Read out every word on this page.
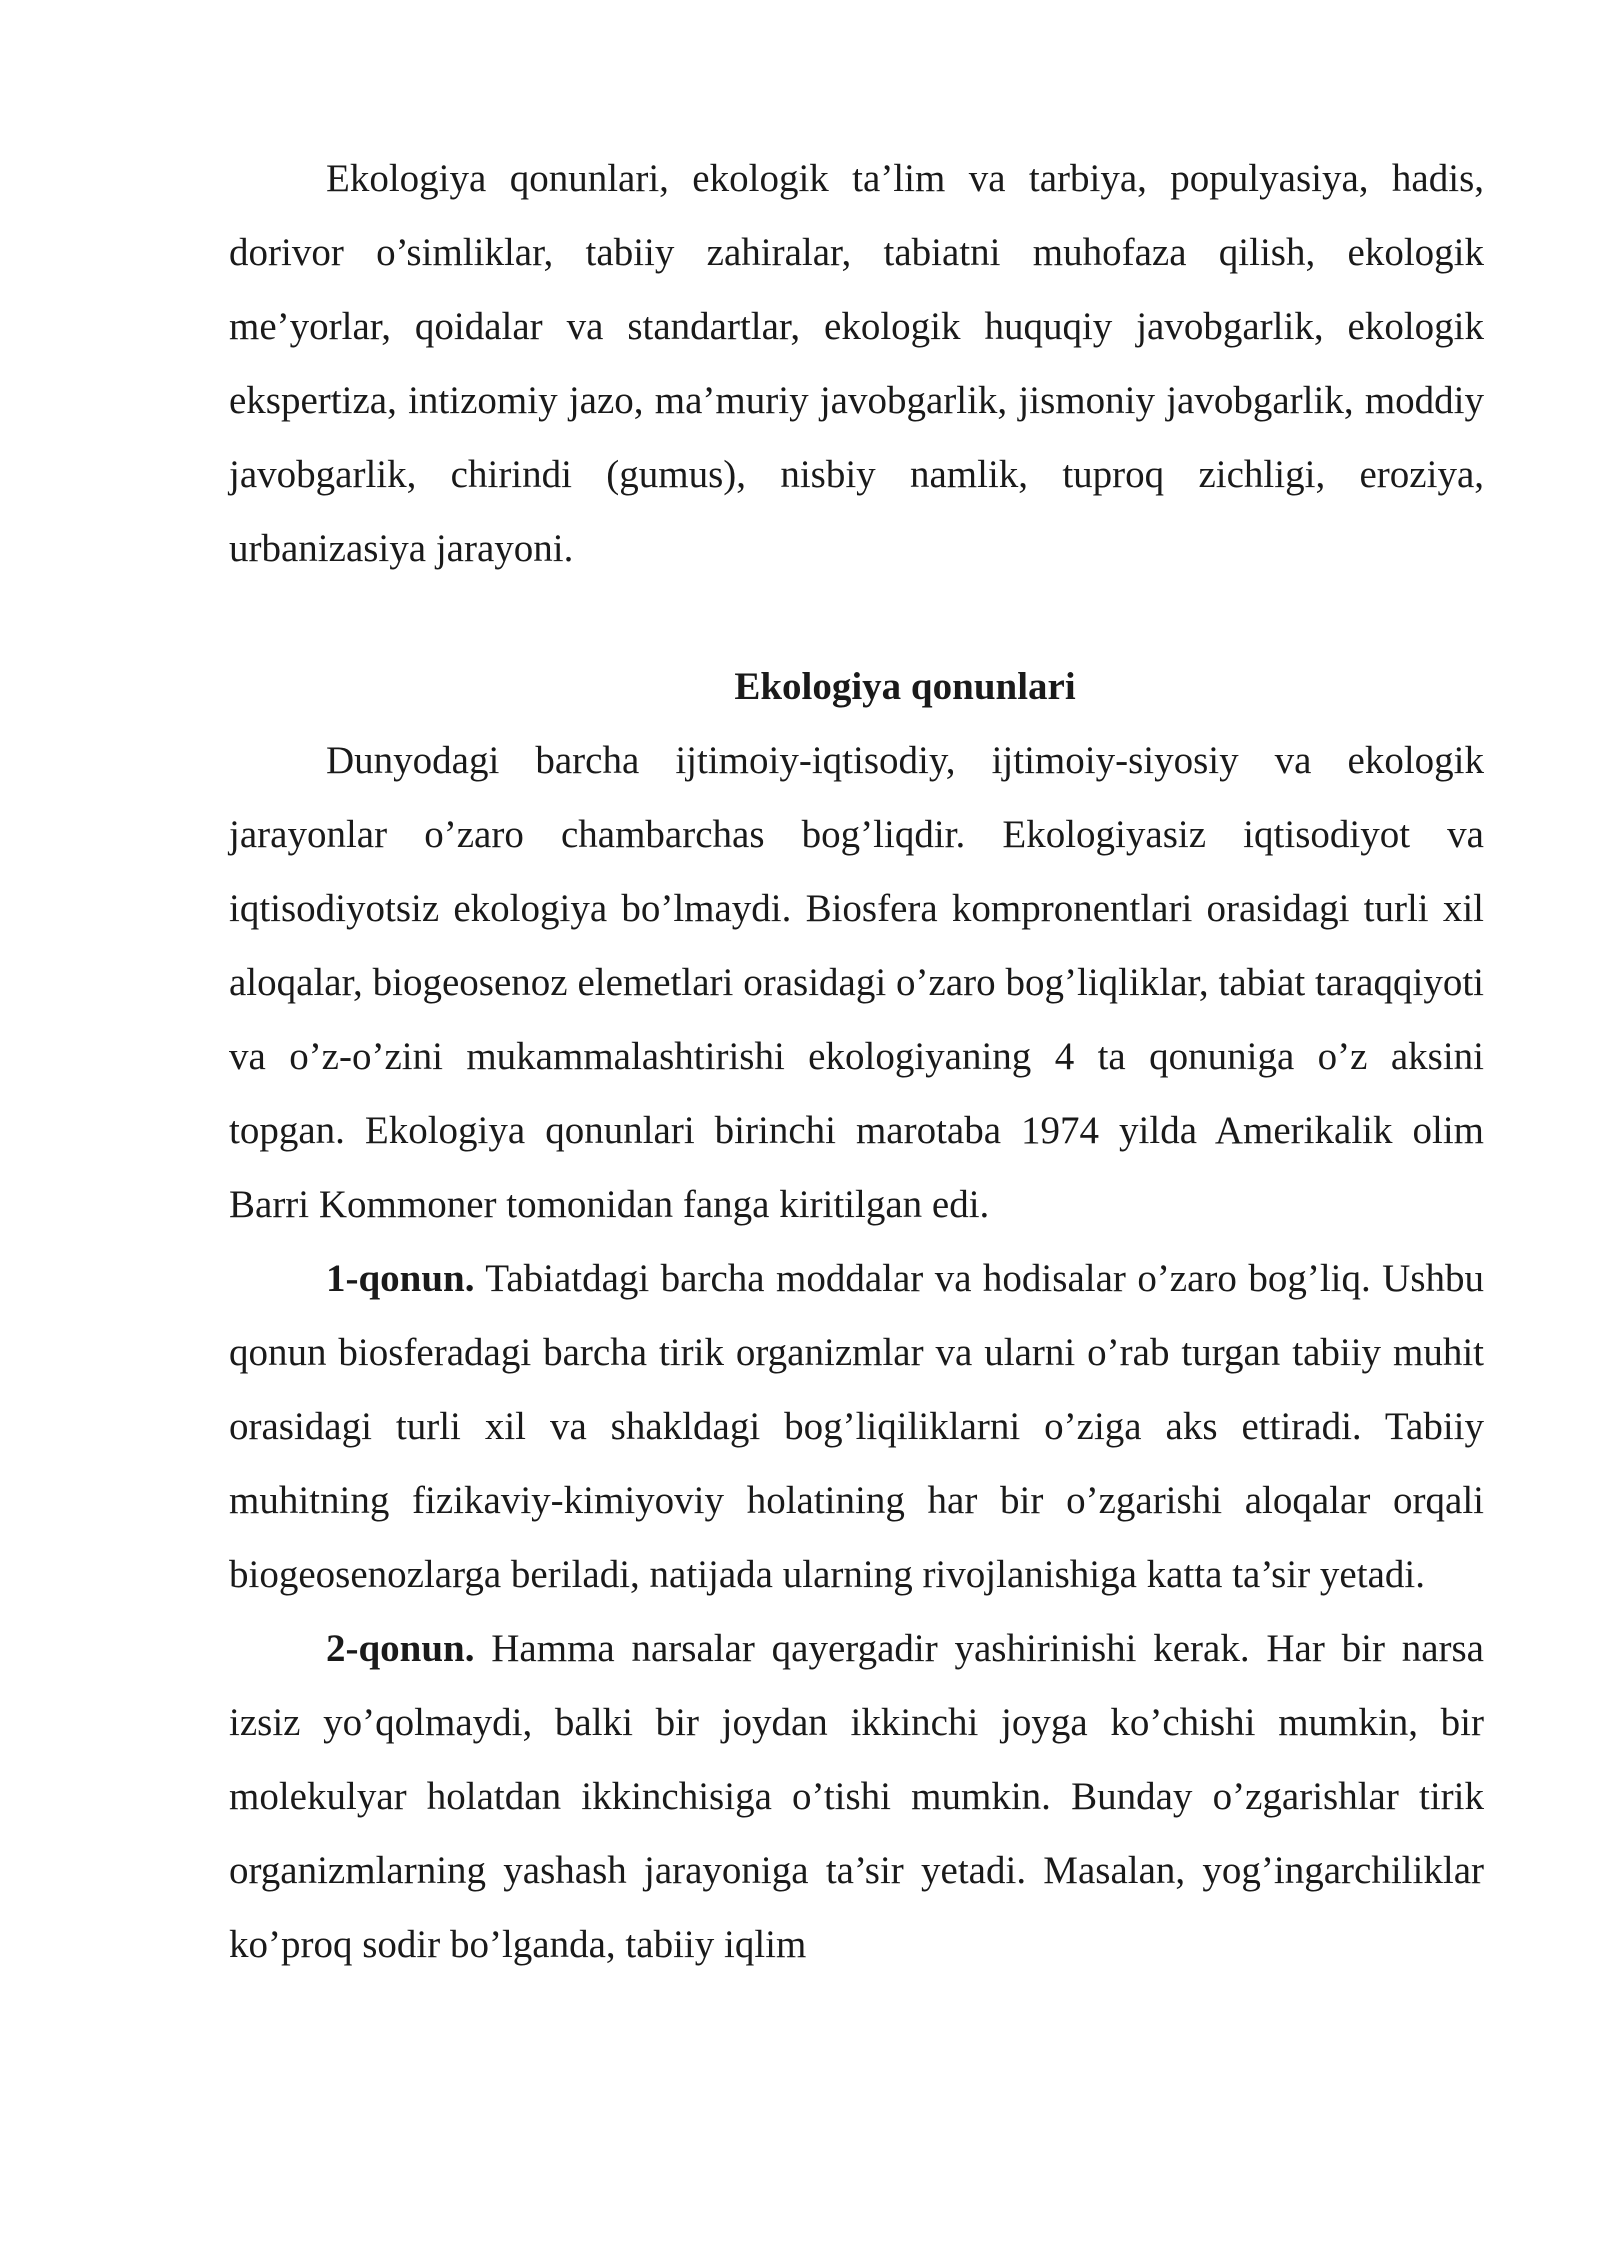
Ekologiya qonunlari, ekologik ta’lim va tarbiya, populyasiya, hadis, dorivor o’simliklar, tabiiy zahiralar, tabiatni muhofaza qilish, ekologik me’yorlar, qoidalar va standartlar, ekologik huquqiy javobgarlik, ekologik ekspertiza, intizomiy jazo, ma’muriy javobgarlik, jismoniy javobgarlik, moddiy javobgarlik, chirindi (gumus), nisbiy namlik, tuproq zichligi, eroziya, urbanizasiya jarayoni.

Ekologiya qonunlari

Dunyodagi barcha ijtimoiy-iqtisodiy, ijtimoiy-siyosiy va ekologik jarayonlar o’zaro chambarchas bog’liqdir. Ekologiyasiz iqtisodiyot va iqtisodiyotsiz ekologiya bo’lmaydi. Biosfera kompronentlari orasidagi turli xil aloqalar, biogeosenoz elemetlari orasidagi o’zaro bog’liqliklar, tabiat taraqqiyoti va o’z-o’zini mukammalashtirishi ekologiyaning 4 ta qonuniga o’z aksini topgan. Ekologiya qonunlari birinchi marotaba 1974 yilda Amerikalik olim Barri Kommoner tomonidan fanga kiritilgan edi.

1-qonun. Tabiatdagi barcha moddalar va hodisalar o’zaro bog’liq. Ushbu qonun biosferadagi barcha tirik organizmlar va ularni o’rab turgan tabiiy muhit orasidagi turli xil va shakldagi bog’liqiliklarni o’ziga aks ettiradi. Tabiiy muhitning fizikaviy-kimiyoviy holatining har bir o’zgarishi aloqalar orqali biogeosenozlarga beriladi, natijada ularning rivojlanishiga katta ta’sir yetadi.

2-qonun. Hamma narsalar qayergadir yashirinishi kerak. Har bir narsa izsiz yo’qolmaydi, balki bir joydan ikkinchi joyga ko’chishi mumkin, bir molekulyar holatdan ikkinchisiga o’tishi mumkin. Bunday o’zgarishlar tirik organizmlarning yashash jarayoniga ta’sir yetadi. Masalan, yog’ingarchiliklar ko’proq sodir bo’lganda, tabiiy iqlim
